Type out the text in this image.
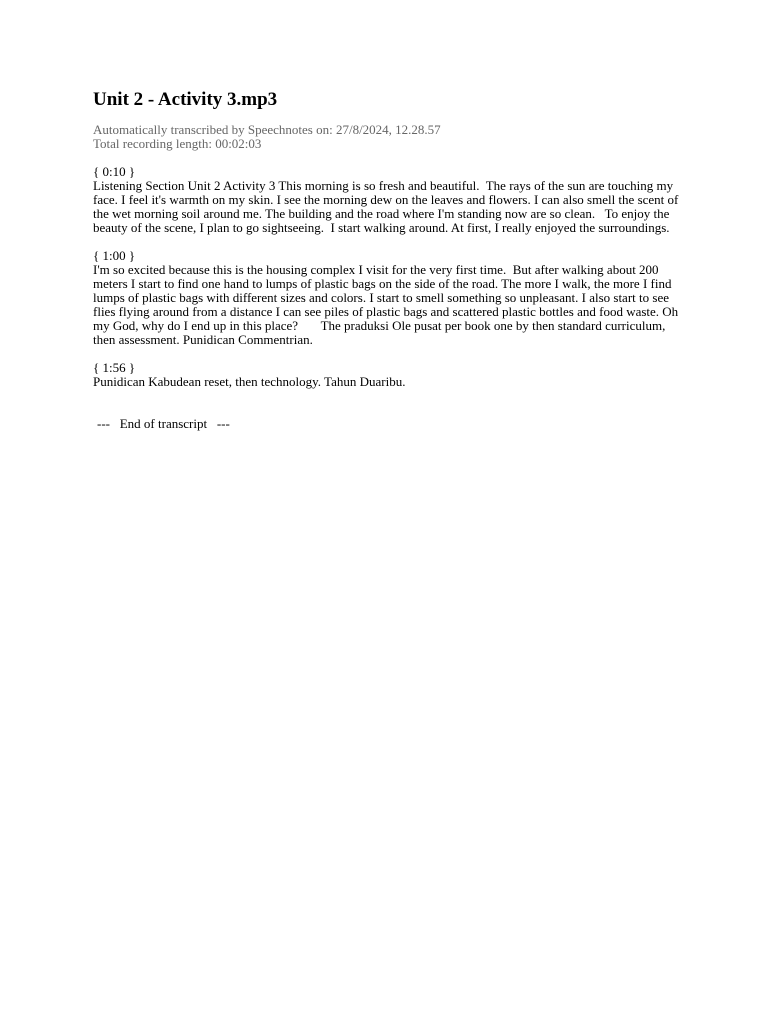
Unit 2 - Activity 3.mp3
Automatically transcribed by Speechnotes on: 27/8/2024, 12.28.57
Total recording length: 00:02:03
{ 0:10 }
Listening Section Unit 2 Activity 3 This morning is so fresh and beautiful.  The rays of the sun are touching my face. I feel it's warmth on my skin. I see the morning dew on the leaves and flowers. I can also smell the scent of the wet morning soil around me. The building and the road where I'm standing now are so clean.   To enjoy the beauty of the scene, I plan to go sightseeing.  I start walking around. At first, I really enjoyed the surroundings.
{ 1:00 }
I'm so excited because this is the housing complex I visit for the very first time.  But after walking about 200 meters I start to find one hand to lumps of plastic bags on the side of the road. The more I walk, the more I find lumps of plastic bags with different sizes and colors. I start to smell something so unpleasant. I also start to see flies flying around from a distance I can see piles of plastic bags and scattered plastic bottles and food waste. Oh my God, why do I end up in this place?       The praduksi Ole pusat per book one by then standard curriculum, then assessment. Punidican Commentrian.
{ 1:56 }
Punidican Kabudean reset, then technology. Tahun Duaribu.
---   End of transcript   ---
